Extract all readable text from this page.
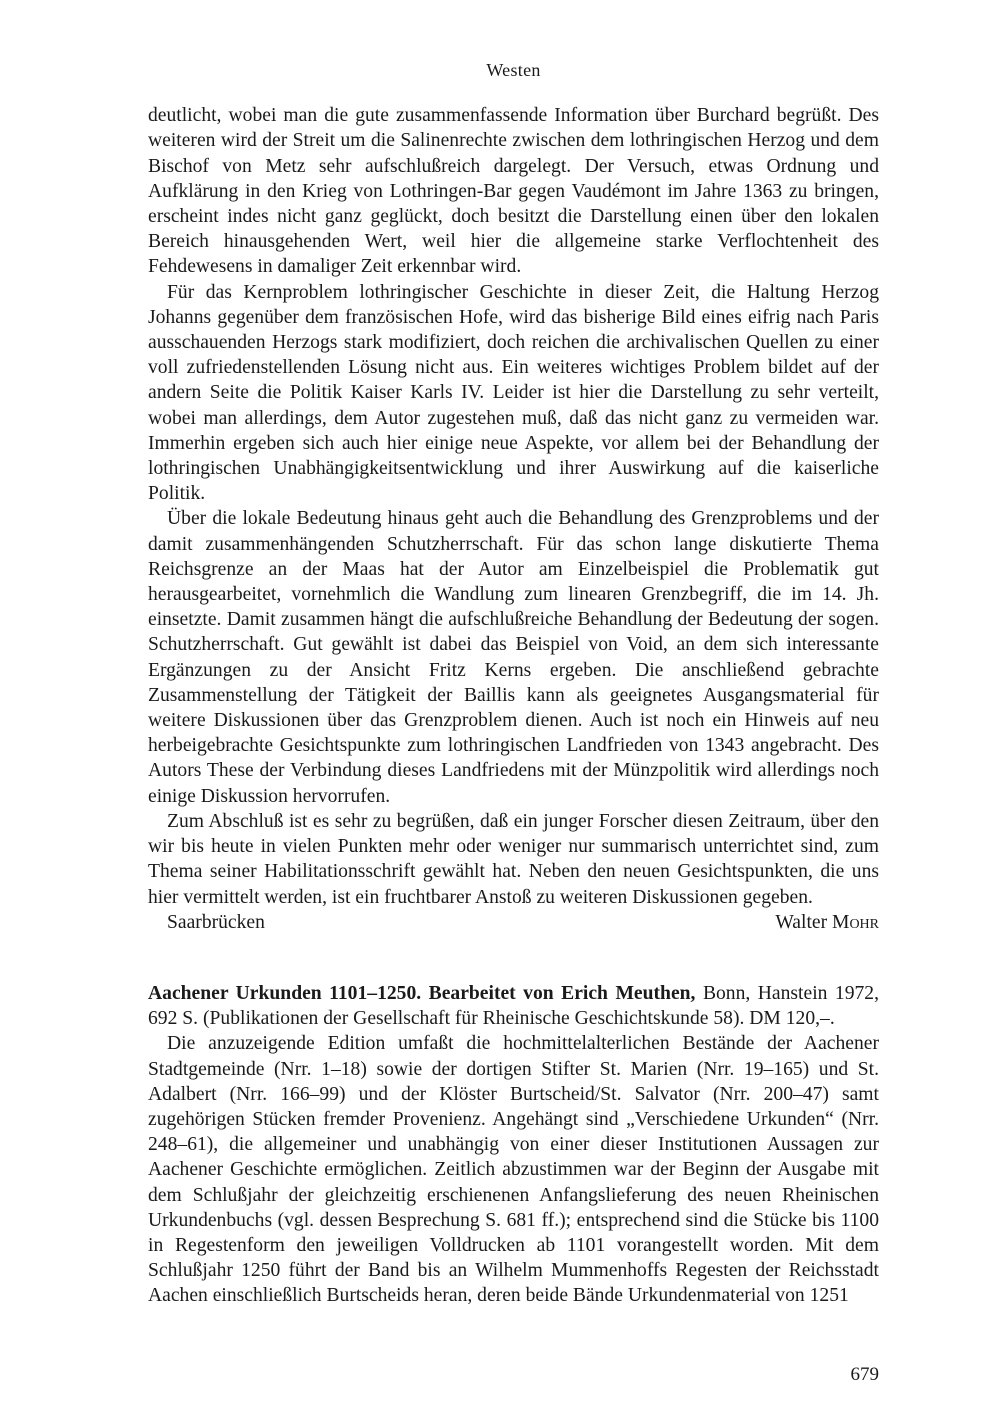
Westen

deutlicht, wobei man die gute zusammenfassende Information über Burchard begrüßt. Des weiteren wird der Streit um die Salinenrechte zwischen dem lothringischen Herzog und dem Bischof von Metz sehr aufschlußreich dargelegt. Der Versuch, etwas Ordnung und Aufklärung in den Krieg von Lothringen-Bar gegen Vaudémont im Jahre 1363 zu bringen, erscheint indes nicht ganz geglückt, doch besitzt die Darstellung einen über den lokalen Bereich hinausgehenden Wert, weil hier die allgemeine starke Verflochtenheit des Fehdewesens in damaliger Zeit erkennbar wird.

Für das Kernproblem lothringischer Geschichte in dieser Zeit, die Haltung Herzog Johanns gegenüber dem französischen Hofe, wird das bisherige Bild eines eifrig nach Paris ausschauenden Herzogs stark modifiziert, doch reichen die archivalischen Quellen zu einer voll zufriedenstellenden Lösung nicht aus. Ein weiteres wichtiges Problem bildet auf der andern Seite die Politik Kaiser Karls IV. Leider ist hier die Darstellung zu sehr verteilt, wobei man allerdings, dem Autor zugestehen muß, daß das nicht ganz zu vermeiden war. Immerhin ergeben sich auch hier einige neue Aspekte, vor allem bei der Behandlung der lothringischen Unabhängigkeitsentwicklung und ihrer Auswirkung auf die kaiserliche Politik.

Über die lokale Bedeutung hinaus geht auch die Behandlung des Grenzproblems und der damit zusammenhängenden Schutzherrschaft. Für das schon lange diskutierte Thema Reichsgrenze an der Maas hat der Autor am Einzelbeispiel die Problematik gut herausgearbeitet, vornehmlich die Wandlung zum linearen Grenzbegriff, die im 14. Jh. einsetzte. Damit zusammen hängt die aufschlußreiche Behandlung der Bedeutung der sogen. Schutzherrschaft. Gut gewählt ist dabei das Beispiel von Void, an dem sich interessante Ergänzungen zu der Ansicht Fritz Kerns ergeben. Die anschließend gebrachte Zusammenstellung der Tätigkeit der Baillis kann als geeignetes Ausgangsmaterial für weitere Diskussionen über das Grenzproblem dienen. Auch ist noch ein Hinweis auf neu herbeigebrachte Gesichtspunkte zum lothringischen Landfrieden von 1343 angebracht. Des Autors These der Verbindung dieses Landfriedens mit der Münzpolitik wird allerdings noch einige Diskussion hervorrufen.

Zum Abschluß ist es sehr zu begrüßen, daß ein junger Forscher diesen Zeitraum, über den wir bis heute in vielen Punkten mehr oder weniger nur summarisch unterrichtet sind, zum Thema seiner Habilitationsschrift gewählt hat. Neben den neuen Gesichtspunkten, die uns hier vermittelt werden, ist ein fruchtbarer Anstoß zu weiteren Diskussionen gegeben.

Saarbrücken	Walter Mohr

Aachener Urkunden 1101–1250. Bearbeitet von Erich Meuthen, Bonn, Hanstein 1972, 692 S. (Publikationen der Gesellschaft für Rheinische Geschichtskunde 58). DM 120,–.

Die anzuzeigende Edition umfaßt die hochmittelalterlichen Bestände der Aachener Stadtgemeinde (Nrr. 1–18) sowie der dortigen Stifter St. Marien (Nrr. 19–165) und St. Adalbert (Nrr. 166–99) und der Klöster Burtscheid/St. Salvator (Nrr. 200–47) samt zugehörigen Stücken fremder Provenienz. Angehängt sind „Verschiedene Urkunden“ (Nrr. 248–61), die allgemeiner und unabhängig von einer dieser Institutionen Aussagen zur Aachener Geschichte ermöglichen. Zeitlich abzustimmen war der Beginn der Ausgabe mit dem Schlußjahr der gleichzeitig erschienenen Anfangslieferung des neuen Rheinischen Urkundenbuchs (vgl. dessen Besprechung S. 681 ff.); entsprechend sind die Stücke bis 1100 in Regestenform den jeweiligen Volldrucken ab 1101 vorangestellt worden. Mit dem Schlußjahr 1250 führt der Band bis an Wilhelm Mummenhoffs Regesten der Reichsstadt Aachen einschließlich Burtscheids heran, deren beide Bände Urkundenmaterial von 1251

679
